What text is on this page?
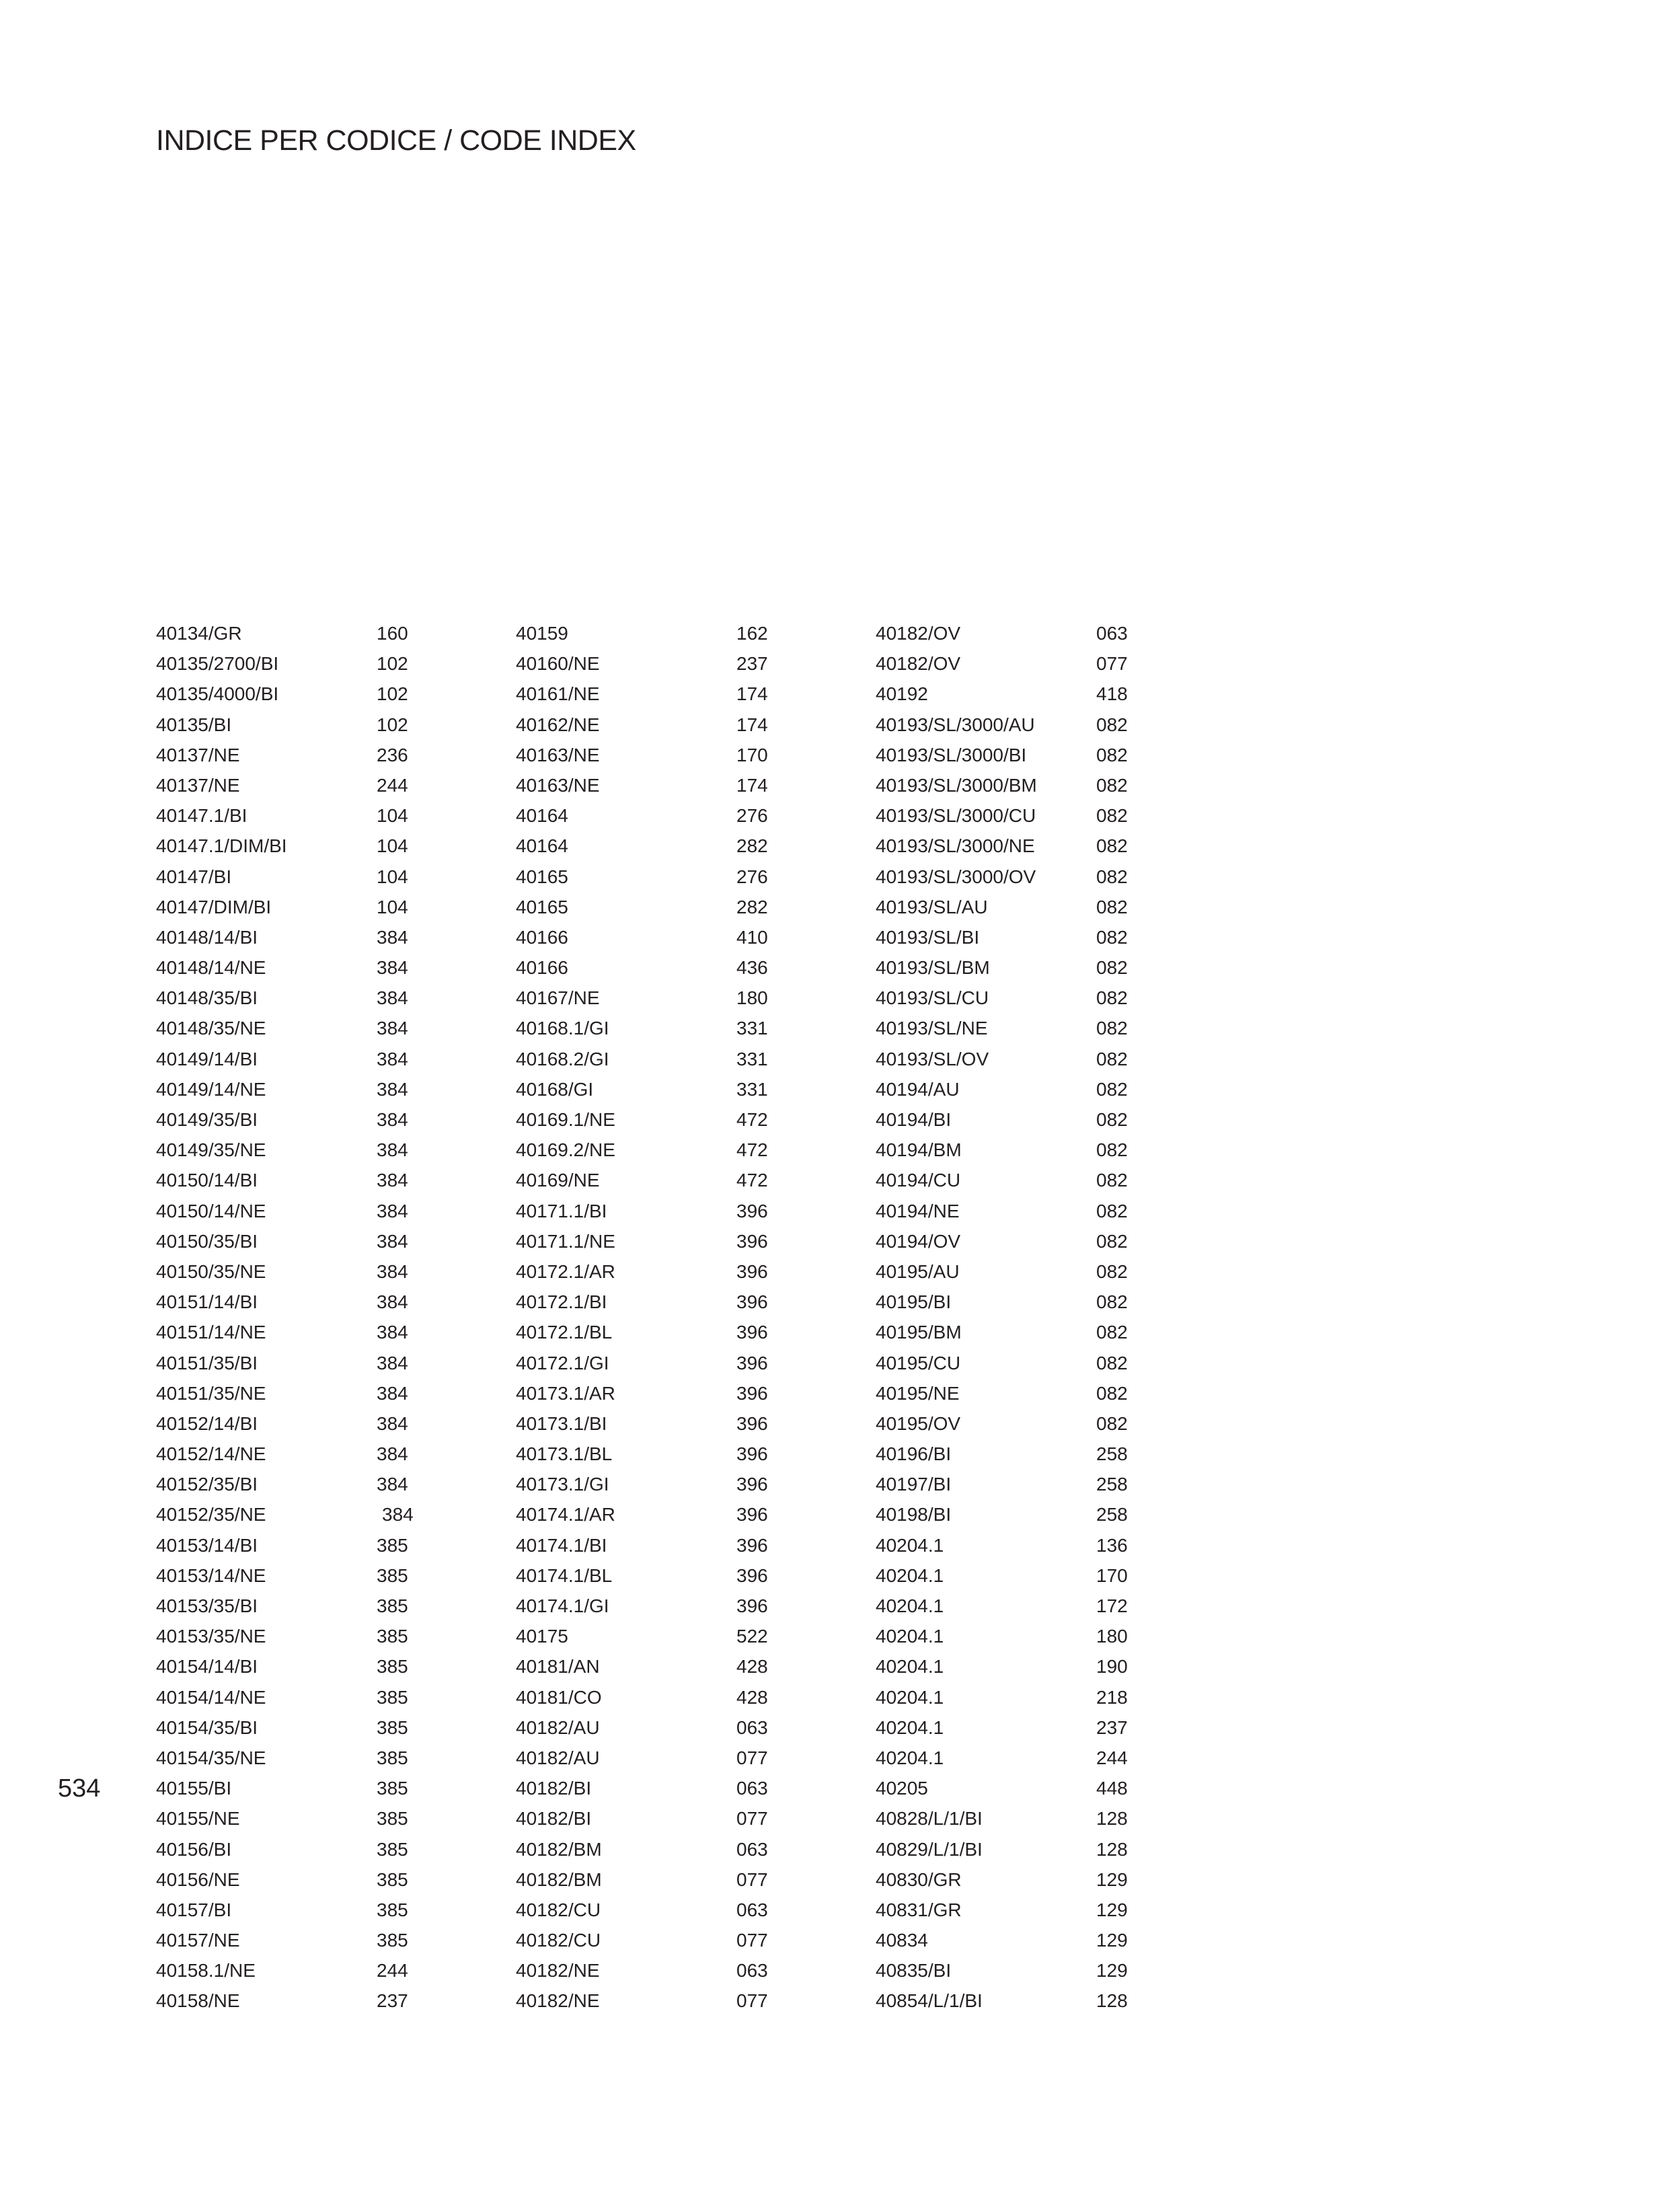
INDICE PER CODICE / CODE INDEX
534
40134/GR	160
40135/2700/BI	102
40135/4000/BI	102
40135/BI	102
40137/NE	236
40137/NE	244
40147.1/BI	104
40147.1/DIM/BI	104
40147/BI	104
40147/DIM/BI	104
40148/14/BI	384
40148/14/NE	384
40148/35/BI	384
40148/35/NE	384
40149/14/BI	384
40149/14/NE	384
40149/35/BI	384
40149/35/NE	384
40150/14/BI	384
40150/14/NE	384
40150/35/BI	384
40150/35/NE	384
40151/14/BI	384
40151/14/NE	384
40151/35/BI	384
40151/35/NE	384
40152/14/BI	384
40152/14/NE	384
40152/35/BI	384
40152/35/NE	384
40153/14/BI	385
40153/14/NE	385
40153/35/BI	385
40153/35/NE	385
40154/14/BI	385
40154/14/NE	385
40154/35/BI	385
40154/35/NE	385
40155/BI	385
40155/NE	385
40156/BI	385
40156/NE	385
40157/BI	385
40157/NE	385
40158.1/NE	244
40158/NE	237
40159	162
40160/NE	237
40161/NE	174
40162/NE	174
40163/NE	170
40163/NE	174
40164	276
40164	282
40165	276
40165	282
40166	410
40166	436
40167/NE	180
40168.1/GI	331
40168.2/GI	331
40168/GI	331
40169.1/NE	472
40169.2/NE	472
40169/NE	472
40171.1/BI	396
40171.1/NE	396
40172.1/AR	396
40172.1/BI	396
40172.1/BL	396
40172.1/GI	396
40173.1/AR	396
40173.1/BI	396
40173.1/BL	396
40173.1/GI	396
40174.1/AR	396
40174.1/BI	396
40174.1/BL	396
40174.1/GI	396
40175	522
40181/AN	428
40181/CO	428
40182/AU	063
40182/AU	077
40182/BI	063
40182/BI	077
40182/BM	063
40182/BM	077
40182/CU	063
40182/CU	077
40182/NE	063
40182/NE	077
40182/OV	063
40182/OV	077
40192	418
40193/SL/3000/AU	082
40193/SL/3000/BI	082
40193/SL/3000/BM	082
40193/SL/3000/CU	082
40193/SL/3000/NE	082
40193/SL/3000/OV	082
40193/SL/AU	082
40193/SL/BI	082
40193/SL/BM	082
40193/SL/CU	082
40193/SL/NE	082
40193/SL/OV	082
40194/AU	082
40194/BI	082
40194/BM	082
40194/CU	082
40194/NE	082
40194/OV	082
40195/AU	082
40195/BI	082
40195/BM	082
40195/CU	082
40195/NE	082
40195/OV	082
40196/BI	258
40197/BI	258
40198/BI	258
40204.1	136
40204.1	170
40204.1	172
40204.1	180
40204.1	190
40204.1	218
40204.1	237
40204.1	244
40205	448
40828/L/1/BI	128
40829/L/1/BI	128
40830/GR	129
40831/GR	129
40834	129
40835/BI	129
40854/L/1/BI	128
